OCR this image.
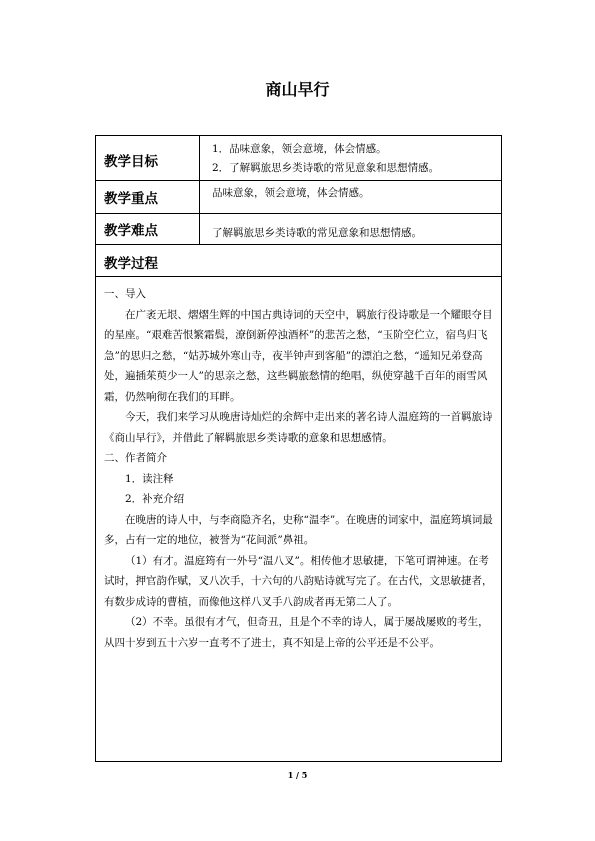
商山早行
教学目标
1．品味意象，领会意境，体会情感。
2．了解羁旅思乡类诗歌的常见意象和思想情感。
教学重点	品味意象，领会意境，体会情感。
教学难点	了解羁旅思乡类诗歌的常见意象和思想情感。
教学过程
一、导入
在广袤无垠、熠熠生辉的中国古典诗词的天空中，羁旅行役诗歌是一个耀眼夺目的星座。“艰难苦恨繁霜鬓，潦倒新停浊酒杯”的悲苦之愁，“玉阶空伫立，宿鸟归飞急”的思归之愁，“姑苏城外寒山寺，夜半钟声到客船”的漂泊之愁，“遥知兄弟登高处，遍插茱萸少一人”的思亲之愁，这些羁旅愁情的绝唱，纵使穿越千百年的雨雪风霜，仍然响彻在我们的耳畔。
今天，我们来学习从晚唐诗灿烂的余辉中走出来的著名诗人温庭筠的一首羁旅诗《商山早行》，并借此了解羁旅思乡类诗歌的意象和思想感情。
二、作者简介
1．读注释
2．补充介绍
在晚唐的诗人中，与李商隐齐名，史称“温李”。在晚唐的词家中，温庭筠填词最多，占有一定的地位，被誉为“花间派”鼻祖。
（1）有才。温庭筠有一外号“温八叉”。相传他才思敏捷，下笔可谓神速。在考试时，押官韵作赋，叉八次手，十六句的八韵贴诗就写完了。在古代，文思敏捷者，有数步成诗的曹植，而像他这样八叉手八韵成者再无第二人了。
（2）不幸。虽很有才气，但奇丑，且是个不幸的诗人，属于屡战屡败的考生，从四十岁到五十六岁一直考不了进士，真不知是上帝的公平还是不公平。
1 / 5
